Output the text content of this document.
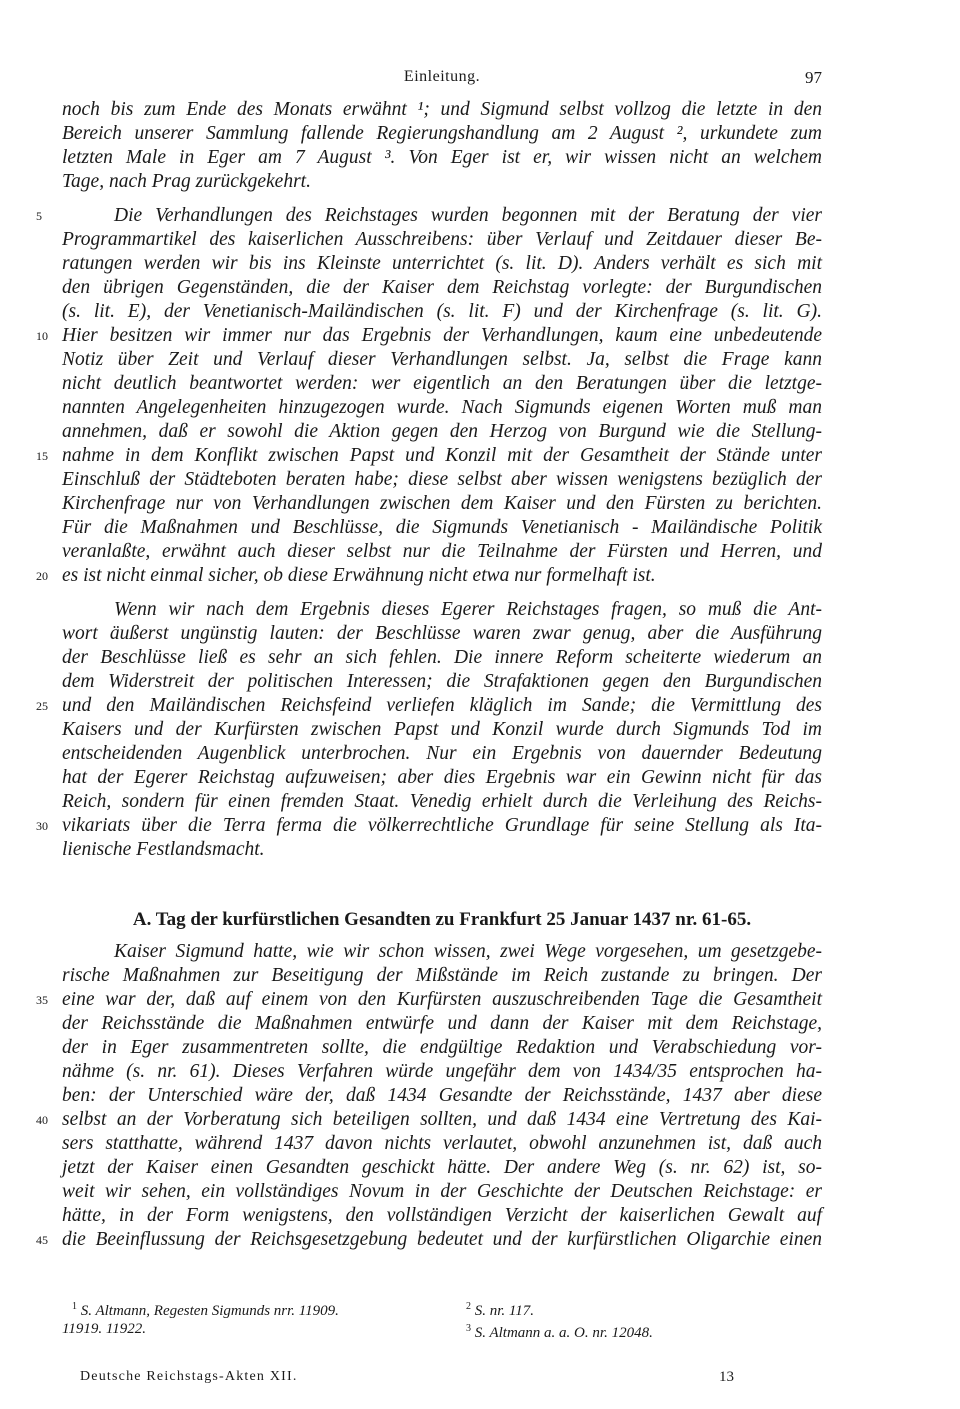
Einleitung.	97
noch bis zum Ende des Monats erwähnt ¹; und Sigmund selbst vollzog die letzte in den
Bereich unserer Sammlung fallende Regierungshandlung am 2 August ², urkundete zum
letzten Male in Eger am 7 August ³. Von Eger ist er, wir wissen nicht an welchem
Tage, nach Prag zurückgekehrt.
Die Verhandlungen des Reichstages wurden begonnen mit der Beratung der vier
Programmartikel des kaiserlichen Ausschreibens: über Verlauf und Zeitdauer dieser Be-
ratungen werden wir bis ins Kleinste unterrichtet (s. lit. D). Anders verhält es sich mit
den übrigen Gegenständen, die der Kaiser dem Reichstag vorlegte: der Burgundischen
(s. lit. E), der Venetianisch-Mailändischen (s. lit. F) und der Kirchenfrage (s. lit. G).
Hier besitzen wir immer nur das Ergebnis der Verhandlungen, kaum eine unbedeutende
Notiz über Zeit und Verlauf dieser Verhandlungen selbst. Ja, selbst die Frage kann
nicht deutlich beantwortet werden: wer eigentlich an den Beratungen über die letztge-
nannten Angelegenheiten hinzugezogen wurde. Nach Sigmunds eigenen Worten muß man
annehmen, daß er sowohl die Aktion gegen den Herzog von Burgund wie die Stellung-
nahme in dem Konflikt zwischen Papst und Konzil mit der Gesamtheit der Stände unter
Einschluß der Städteboten beraten habe; diese selbst aber wissen wenigstens bezüglich der
Kirchenfrage nur von Verhandlungen zwischen dem Kaiser und den Fürsten zu berichten.
Für die Maßnahmen und Beschlüsse, die Sigmunds Venetianisch - Mailändische Politik
veranlaßte, erwähnt auch dieser selbst nur die Teilnahme der Fürsten und Herren, und
es ist nicht einmal sicher, ob diese Erwähnung nicht etwa nur formelhaft ist.
Wenn wir nach dem Ergebnis dieses Egerer Reichstages fragen, so muß die Ant-
wort äußerst ungünstig lauten: der Beschlüsse waren zwar genug, aber die Ausführung
der Beschlüsse ließ es sehr an sich fehlen. Die innere Reform scheiterte wiederum an
dem Widerstreit der politischen Interessen; die Strafaktionen gegen den Burgundischen
und den Mailändischen Reichsfeind verliefen kläglich im Sande; die Vermittlung des
Kaisers und der Kurfürsten zwischen Papst und Konzil wurde durch Sigmunds Tod im
entscheidenden Augenblick unterbrochen. Nur ein Ergebnis von dauernder Bedeutung
hat der Egerer Reichstag aufzuweisen; aber dies Ergebnis war ein Gewinn nicht für das
Reich, sondern für einen fremden Staat. Venedig erhielt durch die Verleihung des Reichs-
vikariats über die Terra ferma die völkerrechtliche Grundlage für seine Stellung als Ita-
lienische Festlandsmacht.
A. Tag der kurfürstlichen Gesandten zu Frankfurt 25 Januar 1437 nr. 61-65.
Kaiser Sigmund hatte, wie wir schon wissen, zwei Wege vorgesehen, um gesetzgebe-
rische Maßnahmen zur Beseitigung der Mißstände im Reich zustande zu bringen. Der
eine war der, daß auf einem von den Kurfürsten auszuschreibenden Tage die Gesamtheit
der Reichsstände die Maßnahmen entwürfe und dann der Kaiser mit dem Reichstage,
der in Eger zusammentreten sollte, die endgültige Redaktion und Verabschiedung vor-
nähme (s. nr. 61). Dieses Verfahren würde ungefähr dem von 1434/35 entsprochen ha-
ben: der Unterschied wäre der, daß 1434 Gesandte der Reichsstände, 1437 aber diese
selbst an der Vorberatung sich beteiligen sollten, und daß 1434 eine Vertretung des Kai-
sers statthatte, während 1437 davon nichts verlautet, obwohl anzunehmen ist, daß auch
jetzt der Kaiser einen Gesandten geschickt hätte. Der andere Weg (s. nr. 62) ist, so-
weit wir sehen, ein vollständiges Novum in der Geschichte der Deutschen Reichstage: er
hätte, in der Form wenigstens, den vollständigen Verzicht der kaiserlichen Gewalt auf
die Beeinflussung der Reichsgesetzgebung bedeutet und der kurfürstlichen Oligarchie einen
5
10
15
20
25
30
35
40
45
$^1$ S. Altmann, Regesten Sigmunds nrr. 11909.
11919. 11922.
$^2$ S. nr. 117.
$^3$ S. Altmann a. a. O. nr. 12048.
Deutsche Reichstags-Akten XII.	13
